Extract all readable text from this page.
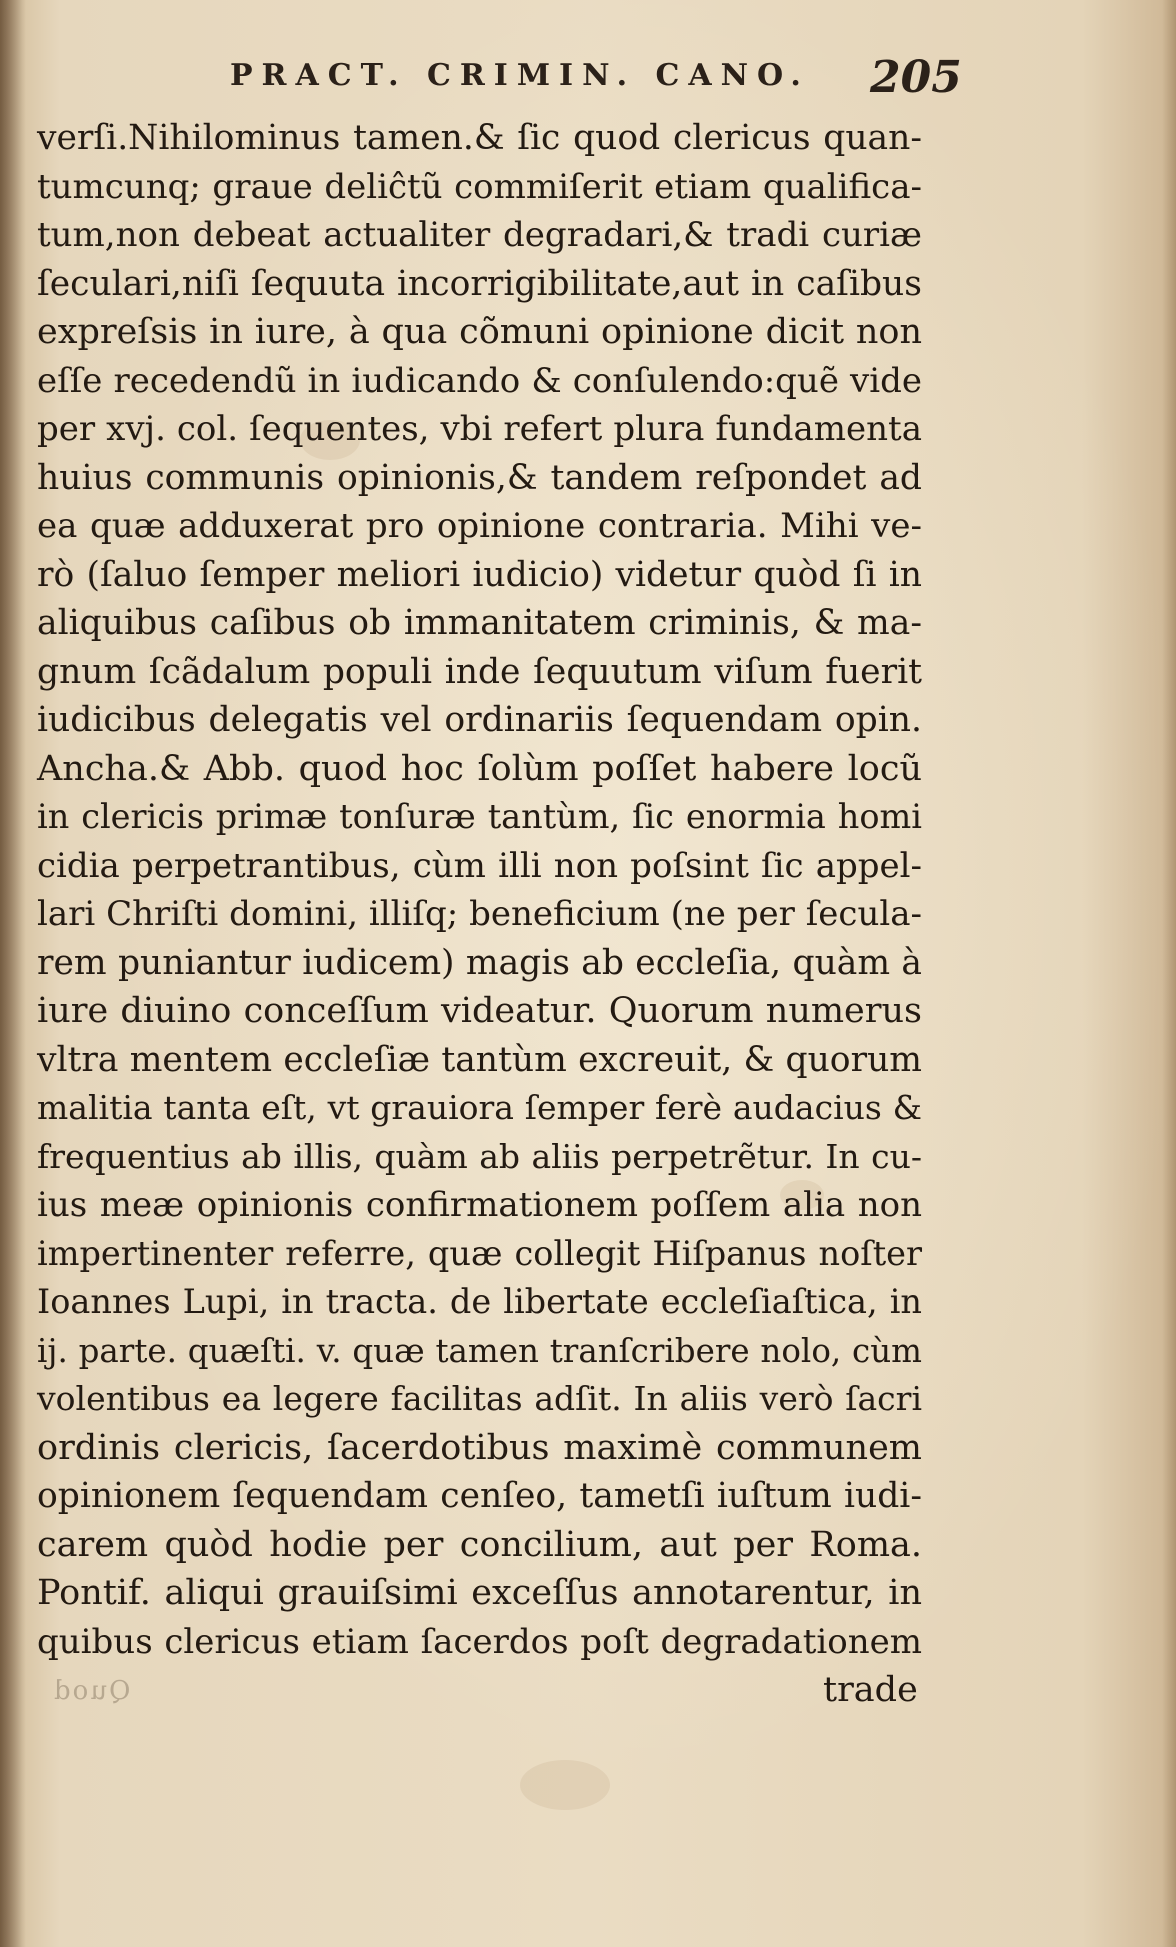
PRACT. CRIMIN. CANO. 205
verſi.Nihilominus tamen.& ſic quod clericus quan-
tumcunq; graue deliĉtũ commiſerit etiam qualifica-
tum,non debeat actualiter degradari,& tradi curiæ
ſeculari,niſi ſequuta incorrigibilitate,aut in caſibus
expreſsis in iure, à qua cõmuni opinione dicit non
eſſe recedendũ in iudicando & conſulendo:quẽ vide
per xvj. col. ſequentes, vbi refert plura fundamenta
huius communis opinionis,& tandem reſpondet ad
ea quæ adduxerat pro opinione contraria. Mihi ve-
rò (ſaluo ſemper meliori iudicio) videtur quòd ſi in
aliquibus caſibus ob immanitatem criminis, & ma-
gnum ſcãdalum populi inde ſequutum viſum fuerit
iudicibus delegatis vel ordinariis ſequendam opin.
Ancha.& Abb. quod hoc ſolùm poſſet habere locũ
in clericis primæ tonſuræ tantùm, ſic enormia homi
cidia perpetrantibus, cùm illi non poſsint ſic appel-
lari Chriſti domini, illiſq; beneficium (ne per ſecula-
rem puniantur iudicem) magis ab eccleſia, quàm à
iure diuino conceſſum videatur. Quorum numerus
vltra mentem eccleſiæ tantùm excreuit, & quorum
malitia tanta eſt, vt grauiora ſemper ferè audacius &
frequentius ab illis, quàm ab aliis perpetrẽtur. In cu-
ius meæ opinionis confirmationem poſſem alia non
impertinenter referre, quæ collegit Hiſpanus noſter
Ioannes Lupi, in tracta. de libertate eccleſiaſtica, in
ij. parte. quæſti. v. quæ tamen tranſcribere nolo, cùm
volentibus ea legere facilitas adſit. In aliis verò ſacri
ordinis clericis, ſacerdotibus maximè communem
opinionem ſequendam cenſeo, tametſi iuſtum iudi-
carem quòd hodie per concilium, aut per Roma.
Pontif. aliqui grauiſsimi exceſſus annotarentur, in
quibus clericus etiam ſacerdos poſt degradationem
Quod	trade
